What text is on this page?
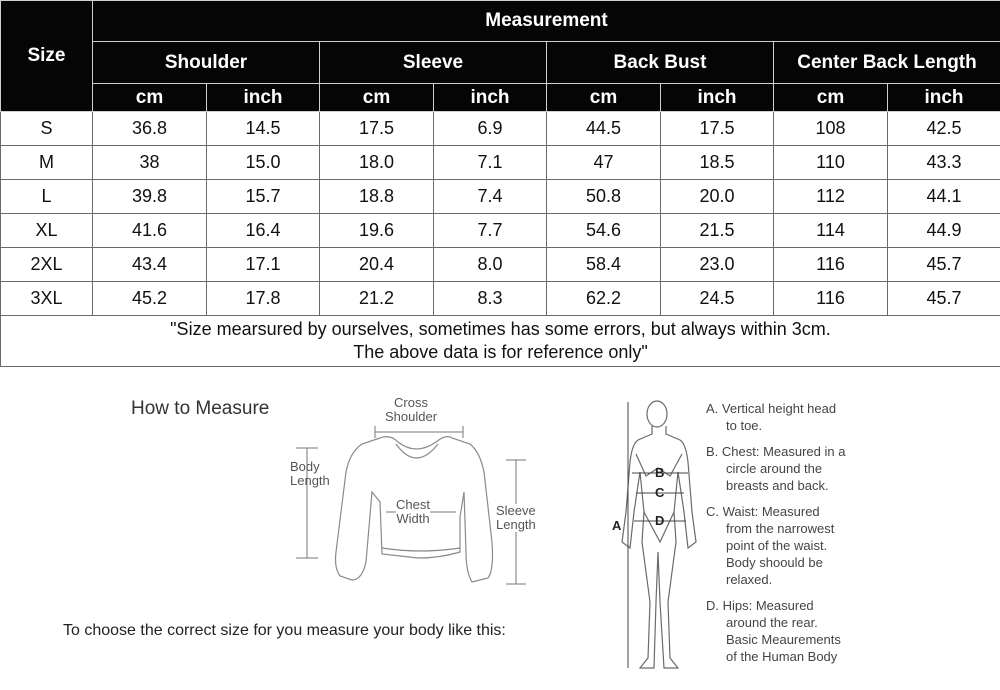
Size	Measurement							
	Shoulder		Sleeve		Back Bust		Center Back Length	
	cm	inch	cm	inch	cm	inch	cm	inch
S	36.8	14.5	17.5	6.9	44.5	17.5	108	42.5
M	38	15.0	18.0	7.1	47	18.5	110	43.3
L	39.8	15.7	18.8	7.4	50.8	20.0	112	44.1
XL	41.6	16.4	19.6	7.7	54.6	21.5	114	44.9
2XL	43.4	17.1	20.4	8.0	58.4	23.0	116	45.7
3XL	45.2	17.8	21.2	8.3	62.2	24.5	116	45.7

"Size mearsured by ourselves, sometimes has some errors, but always within 3cm.
The above data is for reference only"								
How to Measure	Cross
Shoulder
Body
Length
Chest
Width
Sleeve
Length	A
B
C
D

A. Vertical height head
to toe.

B. Chest: Measured in a
circle around the
breasts and back.

C. Waist: Measured
from the narrowest
point of the waist.
Body shoould be
relaxed.

D. Hips: Measured
around the rear.
Basic Meaurements
of the Human Body

To choose the correct size for you measure your body like this:
